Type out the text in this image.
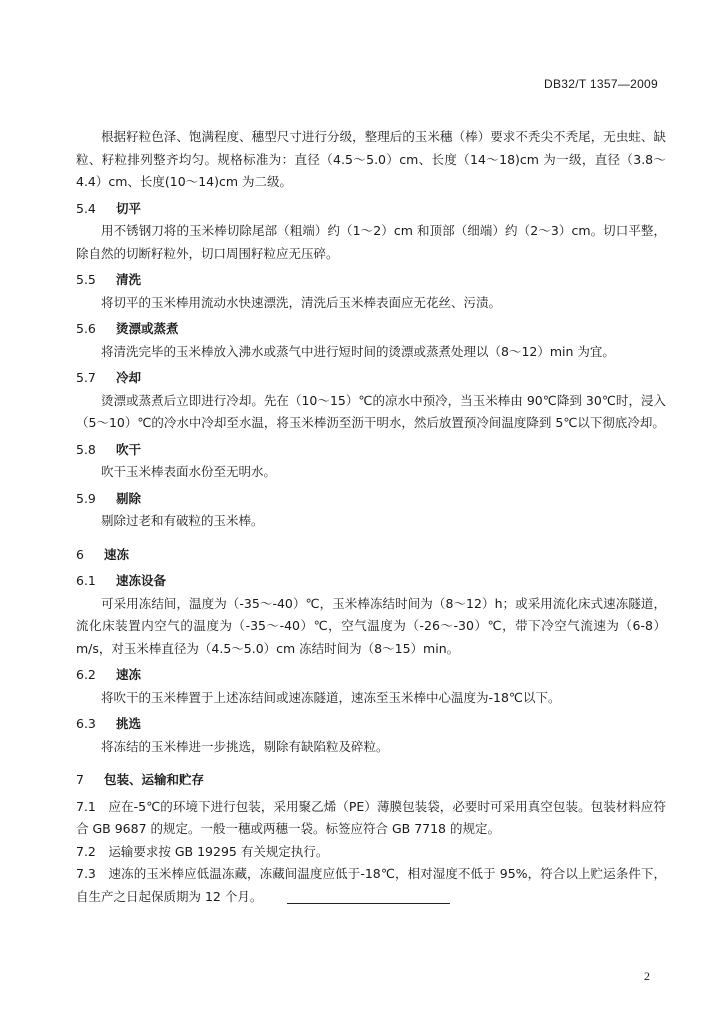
DB32/T 1357—2009

根据籽粒色泽、饱满程度、穗型尺寸进行分级，整理后的玉米穗（棒）要求不秃尖不秃尾，无虫蛀、缺粒、籽粒排列整齐均匀。规格标准为：直径（4.5～5.0）cm、长度（14～18)cm 为一级，直径（3.8～4.4）cm、长度(10～14)cm 为二级。

5.4 切平

用不锈钢刀将的玉米棒切除尾部（粗端）约（1～2）cm 和顶部（细端）约（2～3）cm。切口平整，除自然的切断籽粒外，切口周围籽粒应无压碎。

5.5 清洗

将切平的玉米棒用流动水快速漂洗，清洗后玉米棒表面应无花丝、污渍。

5.6 烫漂或蒸煮

将清洗完毕的玉米棒放入沸水或蒸气中进行短时间的烫漂或蒸煮处理以（8～12）min 为宜。

5.7 冷却

烫漂或蒸煮后立即进行冷却。先在（10～15）℃的凉水中预冷，当玉米棒由 90℃降到 30℃时，浸入（5～10）℃的冷水中冷却至水温，将玉米棒沥至沥干明水，然后放置预冷间温度降到 5℃以下彻底冷却。

5.8 吹干

吹干玉米棒表面水份至无明水。

5.9 剔除

剔除过老和有破粒的玉米棒。

6 速冻
6.1 速冻设备

可采用冻结间，温度为（-35～-40）℃，玉米棒冻结时间为（8～12）h；或采用流化床式速冻隧道，流化床装置内空气的温度为（-35～-40）℃，空气温度为（-26～-30）℃，带下冷空气流速为（6-8）m/s，对玉米棒直径为（4.5～5.0）cm 冻结时间为（8～15）min。

6.2 速冻

将吹干的玉米棒置于上述冻结间或速冻隧道，速冻至玉米棒中心温度为-18℃以下。

6.3 挑选

将冻结的玉米棒进一步挑选，剔除有缺陷粒及碎粒。

7 包装、运输和贮存

7.1　应在-5℃的环境下进行包装，采用聚乙烯（PE）薄膜包装袋，必要时可采用真空包装。包装材料应符合 GB 9687 的规定。一般一穗或两穗一袋。标签应符合 GB 7718 的规定。

7.2　运输要求按 GB 19295 有关规定执行。

7.3　速冻的玉米棒应低温冻藏，冻藏间温度应低于-18℃，相对湿度不低于 95%，符合以上贮运条件下，自生产之日起保质期为 12 个月。

2
